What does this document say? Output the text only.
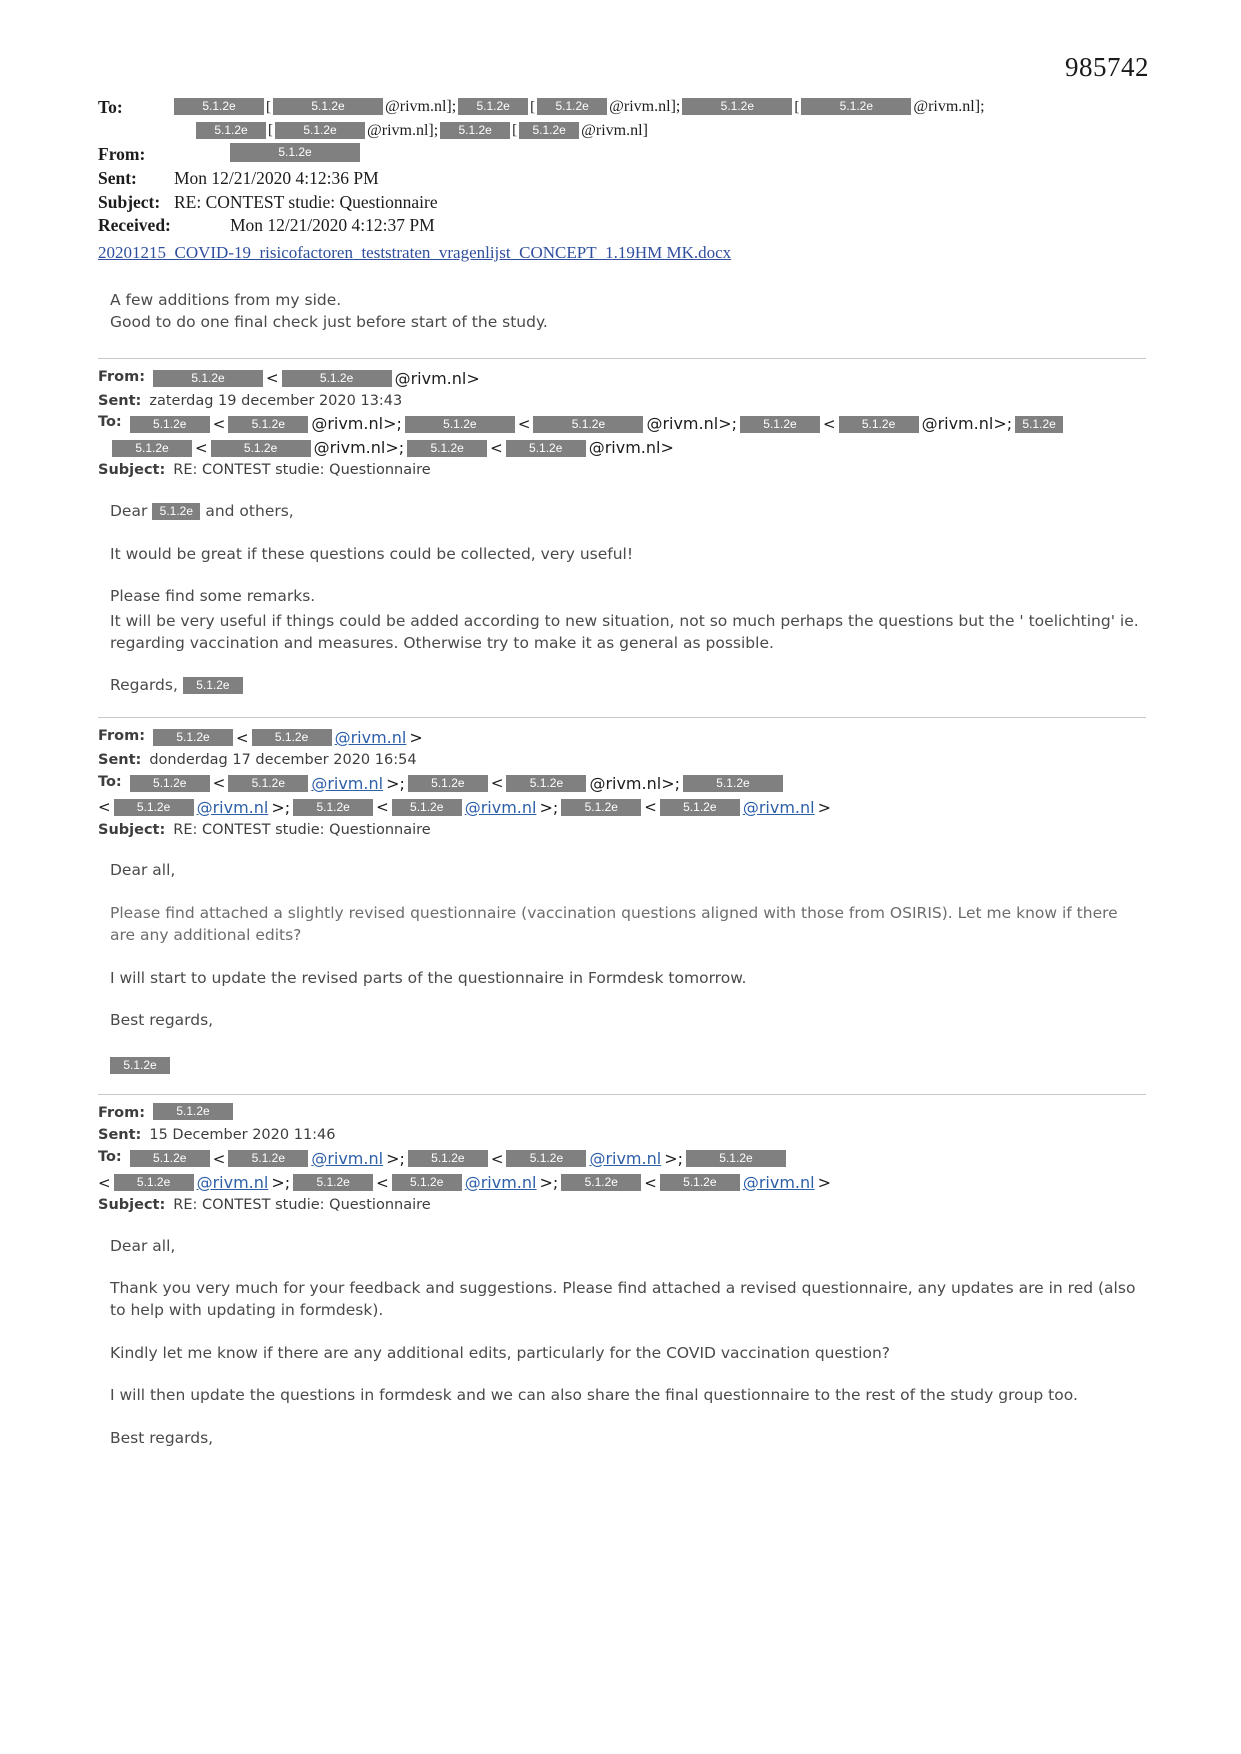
985742
To:	5.1.2e	[	5.1.2e	@rivm.nl];	5.1.2e	[	5.1.2e	@rivm.nl];	5.1.2e	[	5.1.2e	@rivm.nl];

5.1.2e	[	5.1.2e	@rivm.nl];	5.1.2e	[	5.1.2e @rivm.nl]
From:	5.1.2e
Sent:	Mon 12/21/2020 4:12:36 PM
Subject: RE: CONTEST studie: Questionnaire
Received:	Mon 12/21/2020 4:12:37 PM
20201215_COVID-19_risicofactoren_teststraten_vragenlijst_CONCEPT_1.19HM MK.docx

A few additions from my side.

Good to do one final check just before start of the study.

From:	5.1.2e	<	5.1.2e	@rivm.nl>
Sent: zaterdag 19 december 2020 13:43
To:	5.1.2e	<	5.1.2e	@rivm.nl>;	5.1.2e	<	5.1.2e	@rivm.nl>;	5.1.2e	<	5.1.2e	@rivm.nl>; 5.1.2e
5.1.2e	<	5.1.2e	@rivm.nl>;	5.1.2e	<	5.1.2e	@rivm.nl>
Subject: RE: CONTEST studie: Questionnaire

Dear	5.1.2e and others,

It would be great if these questions could be collected, very useful!

Please find some remarks.

It will be very useful if things could be added according to new situation, not so much perhaps the questions but the ' toelichting' ie. regarding vaccination and measures. Otherwise try to make it as general as possible.

Regards,	5.1.2e

From:	5.1.2e	<	5.1.2e	@rivm.nl >
Sent: donderdag 17 december 2020 16:54
To:	5.1.2e	<	5.1.2e	@rivm.nl >;	5.1.2e	<	5.1.2e	@rivm.nl>;	5.1.2e
<	5.1.2e	@rivm.nl >;	5.1.2e	<	5.1.2e	@rivm.nl >;	5.1.2e	<	5.1.2e	@rivm.nl >
Subject: RE: CONTEST studie: Questionnaire

Dear all,

Please find attached a slightly revised questionnaire (vaccination questions aligned with those from OSIRIS). Let me know if there are any additional edits?

I will start to update the revised parts of the questionnaire in Formdesk tomorrow.

Best regards,

5.1.2e

From:	5.1.2e
Sent: 15 December 2020 11:46
To:	5.1.2e	<	5.1.2e	@rivm.nl >;	5.1.2e	<	5.1.2e	@rivm.nl >;	5.1.2e
<	5.1.2e	@rivm.nl >;	5.1.2e	<	5.1.2e	@rivm.nl >;	5.1.2e	<	5.1.2e	@rivm.nl >
Subject: RE: CONTEST studie: Questionnaire

Dear all,

Thank you very much for your feedback and suggestions. Please find attached a revised questionnaire, any updates are in red (also to help with updating in formdesk).

Kindly let me know if there are any additional edits, particularly for the COVID vaccination question?

I will then update the questions in formdesk and we can also share the final questionnaire to the rest of the study group too.

Best regards,
